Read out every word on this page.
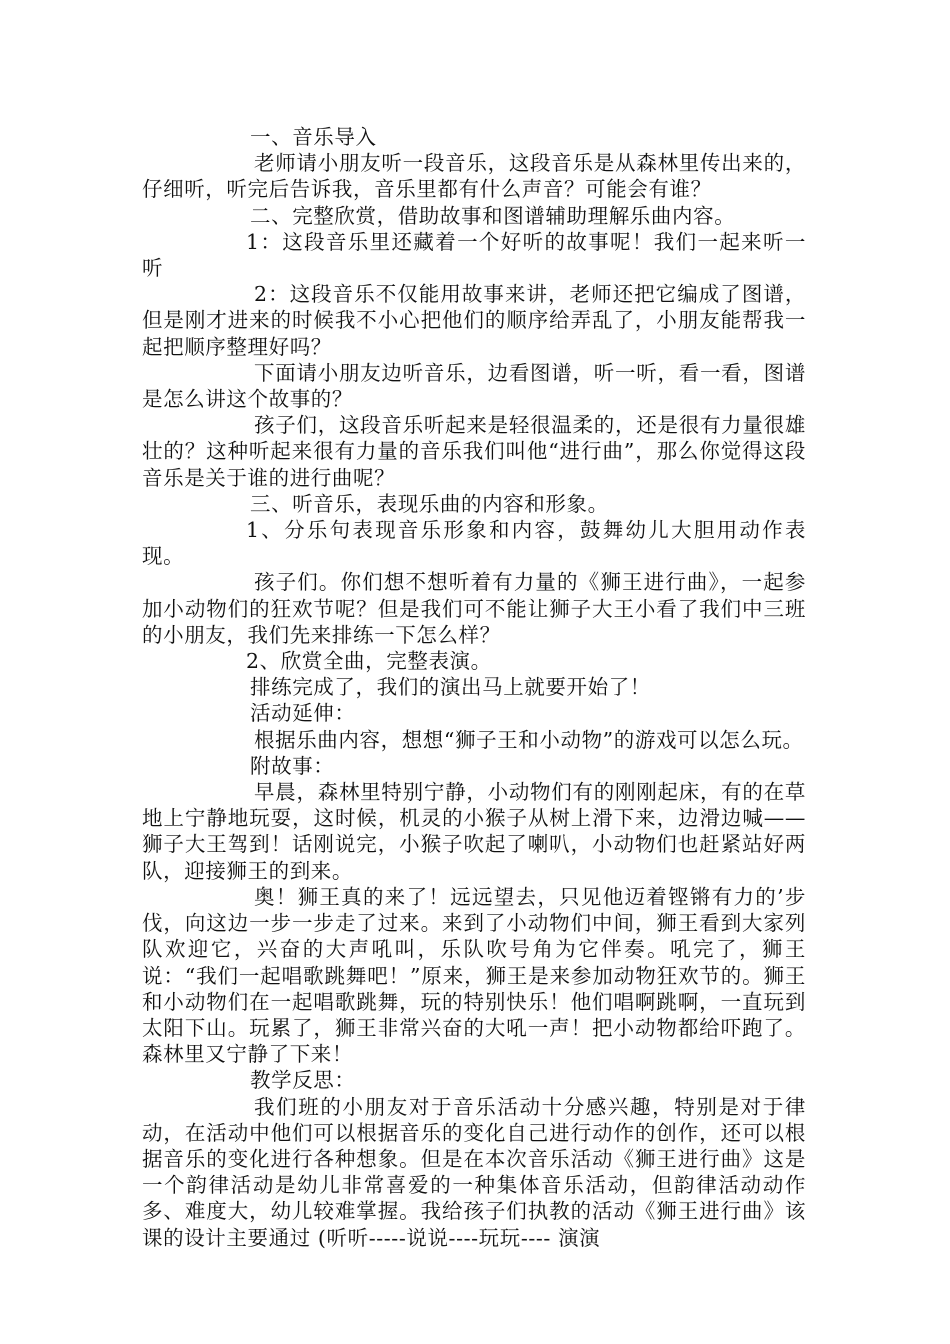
一、音乐导入

老师请小朋友听一段音乐，这段音乐是从森林里传出来的，仔细听，听完后告诉我，音乐里都有什么声音？可能会有谁？

二、完整欣赏，借助故事和图谱辅助理解乐曲内容。

1：这段音乐里还藏着一个好听的故事呢！我们一起来听一听

2：这段音乐不仅能用故事来讲，老师还把它编成了图谱，但是刚才进来的时候我不小心把他们的顺序给弄乱了，小朋友能帮我一起把顺序整理好吗？

下面请小朋友边听音乐，边看图谱，听一听，看一看，图谱是怎么讲这个故事的？

孩子们，这段音乐听起来是轻很温柔的，还是很有力量很雄壮的？这种听起来很有力量的音乐我们叫他“进行曲”，那么你觉得这段音乐是关于谁的进行曲呢？

三、听音乐，表现乐曲的内容和形象。

1、分乐句表现音乐形象和内容，鼓舞幼儿大胆用动作表现。

孩子们。你们想不想听着有力量的《狮王进行曲》，一起参加小动物们的狂欢节呢？但是我们可不能让狮子大王小看了我们中三班的小朋友，我们先来排练一下怎么样？

2、欣赏全曲，完整表演。

排练完成了，我们的演出马上就要开始了！

活动延伸：

根据乐曲内容，想想“狮子王和小动物”的游戏可以怎么玩。

附故事：

早晨，森林里特别宁静，小动物们有的刚刚起床，有的在草地上宁静地玩耍，这时候，机灵的小猴子从树上滑下来，边滑边喊——狮子大王驾到！话刚说完，小猴子吹起了喇叭，小动物们也赶紧站好两队，迎接狮王的到来。

奥！狮王真的来了！远远望去，只见他迈着铿锵有力的’步伐，向这边一步一步走了过来。来到了小动物们中间，狮王看到大家列队欢迎它，兴奋的大声吼叫，乐队吹号角为它伴奏。吼完了，狮王说：“我们一起唱歌跳舞吧！”原来，狮王是来参加动物狂欢节的。狮王和小动物们在一起唱歌跳舞，玩的特别快乐！他们唱啊跳啊，一直玩到太阳下山。玩累了，狮王非常兴奋的大吼一声！把小动物都给吓跑了。森林里又宁静了下来！

教学反思：

我们班的小朋友对于音乐活动十分感兴趣，特别是对于律动，在活动中他们可以根据音乐的变化自己进行动作的创作，还可以根据音乐的变化进行各种想象。但是在本次音乐活动《狮王进行曲》这是一个韵律活动是幼儿非常喜爱的一种集体音乐活动，但韵律活动动作多、难度大，幼儿较难掌握。我给孩子们执教的活动《狮王进行曲》该课的设计主要通过 (听听-----说说----玩玩---- 演演
